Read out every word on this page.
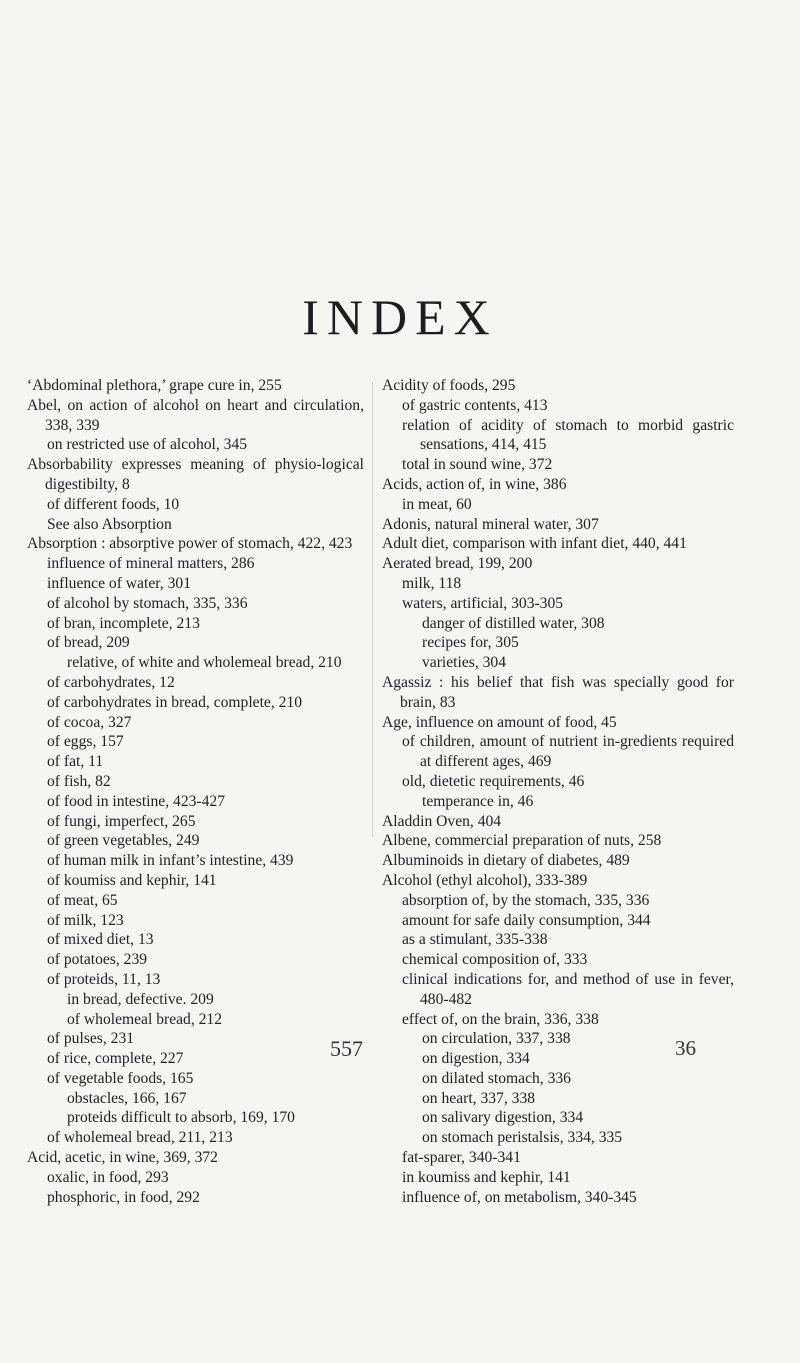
INDEX
‘Abdominal plethora,’ grape cure in, 255
Abel, on action of alcohol on heart and circulation, 338, 339
on restricted use of alcohol, 345
Absorbability expresses meaning of physio-logical digestibilty, 8
of different foods, 10
See also Absorption
Absorption : absorptive power of stomach, 422, 423
influence of mineral matters, 286
influence of water, 301
of alcohol by stomach, 335, 336
of bran, incomplete, 213
of bread, 209
relative, of white and wholemeal bread, 210
of carbohydrates, 12
of carbohydrates in bread, complete, 210
of cocoa, 327
of eggs, 157
of fat, 11
of fish, 82
of food in intestine, 423-427
of fungi, imperfect, 265
of green vegetables, 249
of human milk in infant’s intestine, 439
of koumiss and kephir, 141
of meat, 65
of milk, 123
of mixed diet, 13
of potatoes, 239
of proteids, 11, 13
in bread, defective. 209
of wholemeal bread, 212
of pulses, 231
of rice, complete, 227
of vegetable foods, 165
obstacles, 166, 167
proteids difficult to absorb, 169, 170
of wholemeal bread, 211, 213
Acid, acetic, in wine, 369, 372
oxalic, in food, 293
phosphoric, in food, 292
Acidity of foods, 295
of gastric contents, 413
relation of acidity of stomach to morbid gastric sensations, 414, 415
total in sound wine, 372
Acids, action of, in wine, 386
in meat, 60
Adonis, natural mineral water, 307
Adult diet, comparison with infant diet, 440, 441
Aerated bread, 199, 200
milk, 118
waters, artificial, 303-305
danger of distilled water, 308
recipes for, 305
varieties, 304
Agassiz : his belief that fish was specially good for brain, 83
Age, influence on amount of food, 45
of children, amount of nutrient in-gredients required at different ages, 469
old, dietetic requirements, 46
temperance in, 46
Aladdin Oven, 404
Albene, commercial preparation of nuts, 258
Albuminoids in dietary of diabetes, 489
Alcohol (ethyl alcohol), 333-389
absorption of, by the stomach, 335, 336
amount for safe daily consumption, 344
as a stimulant, 335-338
chemical composition of, 333
clinical indications for, and method of use in fever, 480-482
effect of, on the brain, 336, 338
on circulation, 337, 338
on digestion, 334
on dilated stomach, 336
on heart, 337, 338
on salivary digestion, 334
on stomach peristalsis, 334, 335
fat-sparer, 340-341
in koumiss and kephir, 141
influence of, on metabolism, 340-345
557	36
